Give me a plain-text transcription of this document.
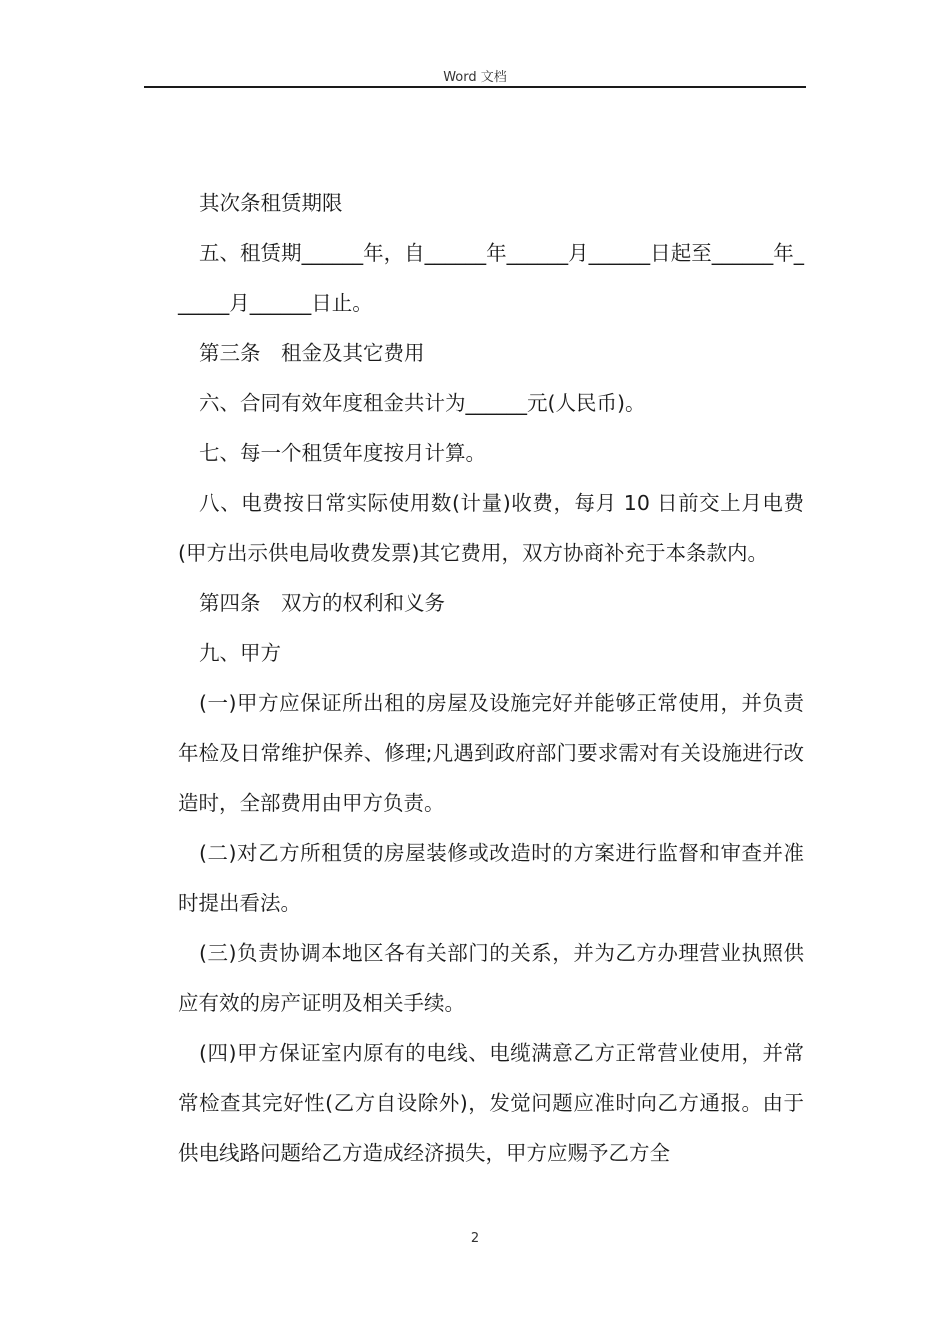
Word 文档

其次条租赁期限

五、租赁期______年，自______年______月______日起至______年______月______日止。

第三条　租金及其它费用

六、合同有效年度租金共计为______元(人民币)。

七、每一个租赁年度按月计算。

八、电费按日常实际使用数(计量)收费，每月 10 日前交上月电费(甲方出示供电局收费发票)其它费用，双方协商补充于本条款内。

第四条　双方的权利和义务

九、甲方

(一)甲方应保证所出租的房屋及设施完好并能够正常使用，并负责年检及日常维护保养、修理;凡遇到政府部门要求需对有关设施进行改造时，全部费用由甲方负责。

(二)对乙方所租赁的房屋装修或改造时的方案进行监督和审查并准时提出看法。

(三)负责协调本地区各有关部门的关系，并为乙方办理营业执照供应有效的房产证明及相关手续。

(四)甲方保证室内原有的电线、电缆满意乙方正常营业使用，并常常检查其完好性(乙方自设除外)，发觉问题应准时向乙方通报。由于供电线路问题给乙方造成经济损失，甲方应赐予乙方全

2
